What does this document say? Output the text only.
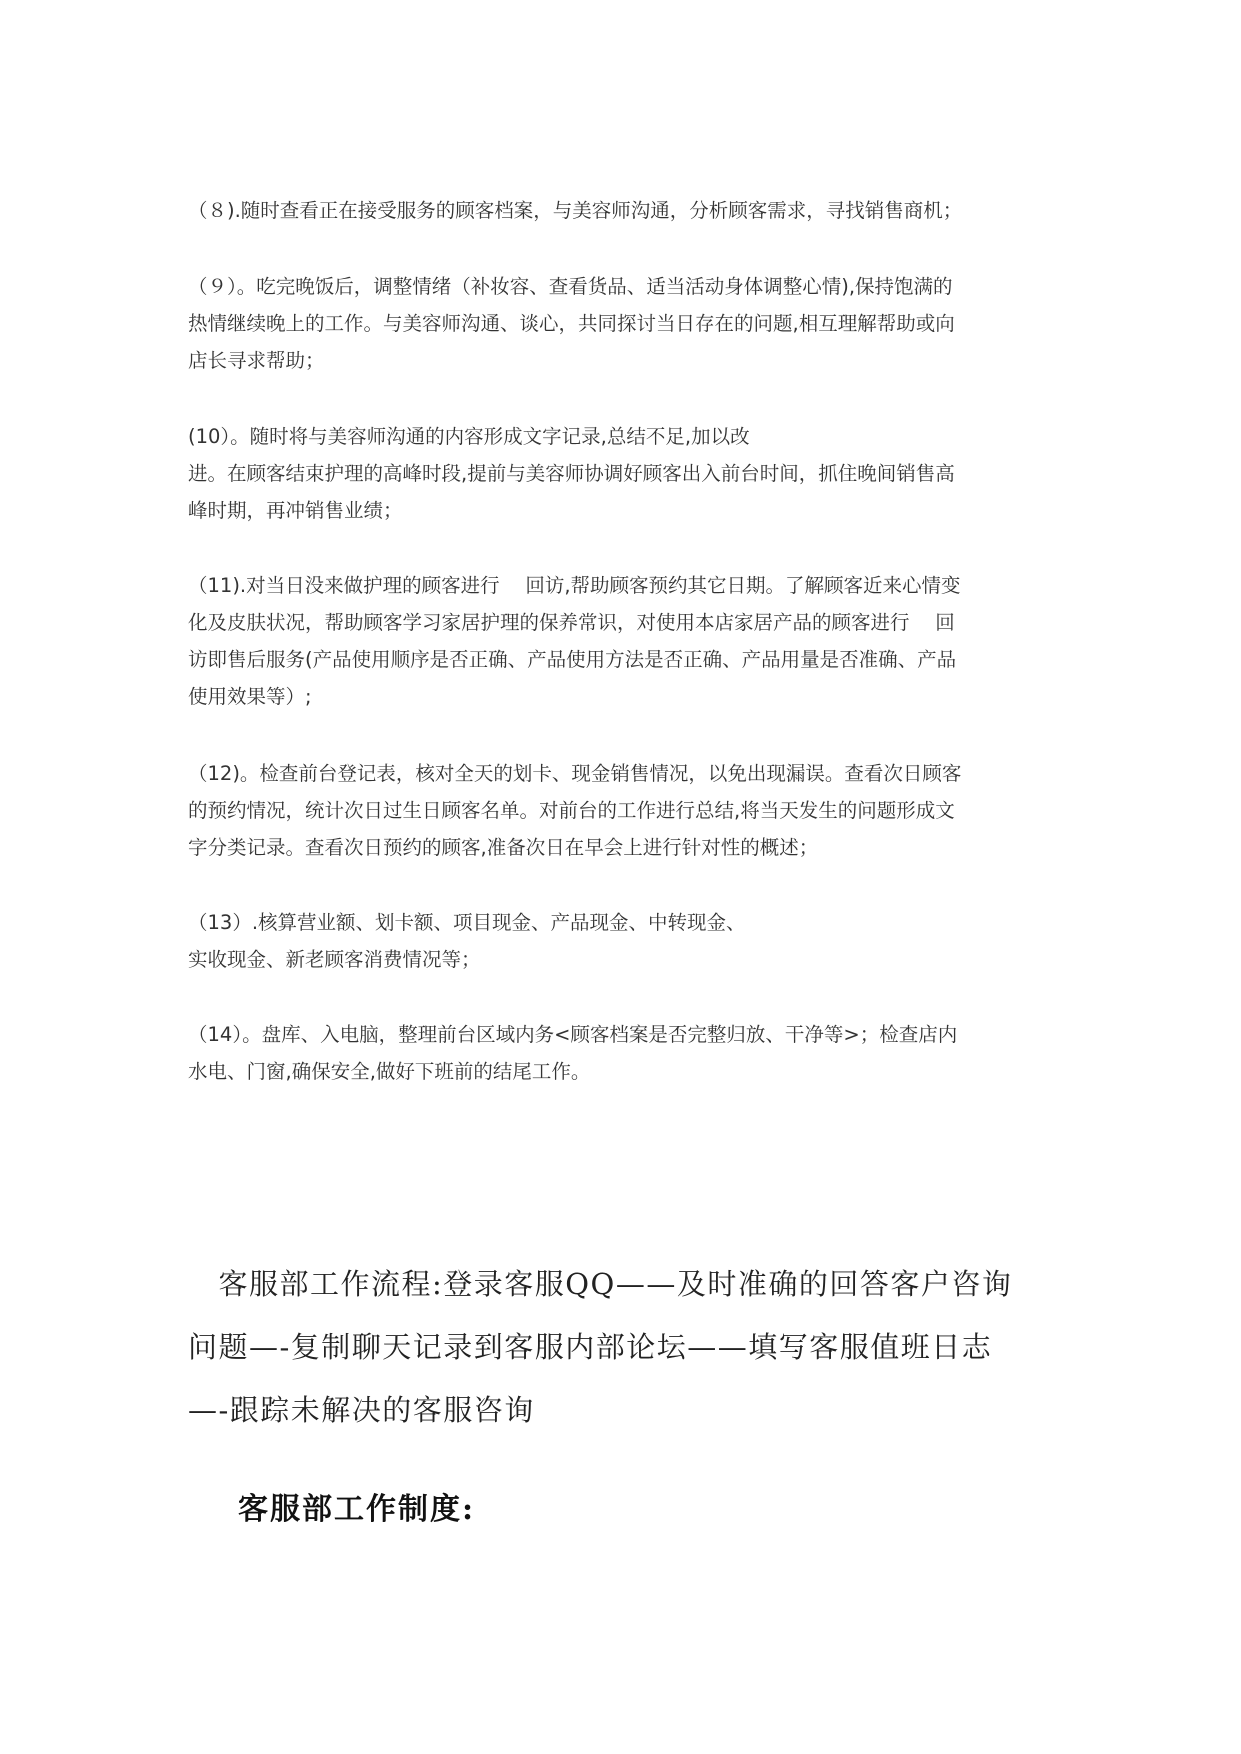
（８).随时查看正在接受服务的顾客档案，与美容师沟通，分析顾客需求，寻找销售商机；

（９）。吃完晚饭后，调整情绪（补妆容、查看货品、适当活动身体调整心情),保持饱满的
热情继续晚上的工作。与美容师沟通、谈心，共同探讨当日存在的问题,相互理解帮助或向
店长寻求帮助；

(10）。随时将与美容师沟通的内容形成文字记录,总结不足,加以改
进。在顾客结束护理的高峰时段,提前与美容师协调好顾客出入前台时间，抓住晚间销售高
峰时期，再冲销售业绩；

（11).对当日没来做护理的顾客进行　 回访,帮助顾客预约其它日期。了解顾客近来心情变
化及皮肤状况，帮助顾客学习家居护理的保养常识，对使用本店家居产品的顾客进行　 回
访即售后服务(产品使用顺序是否正确、产品使用方法是否正确、产品用量是否准确、产品
使用效果等）;

（12)。检查前台登记表，核对全天的划卡、现金销售情况，以免出现漏误。查看次日顾客
的预约情况，统计次日过生日顾客名单。对前台的工作进行总结,将当天发生的问题形成文
字分类记录。查看次日预约的顾客,准备次日在早会上进行针对性的概述；

（13）.核算营业额、划卡额、项目现金、产品现金、中转现金、
实收现金、新老顾客消费情况等；

（14）。盘库、入电脑，整理前台区域内务<顾客档案是否完整归放、干净等>；检查店内
水电、门窗,确保安全,做好下班前的结尾工作。

　客服部工作流程:登录客服QQ——及时准确的回答客户咨询
问题—-复制聊天记录到客服内部论坛——填写客服值班日志
—-跟踪未解决的客服咨询

客服部工作制度:
